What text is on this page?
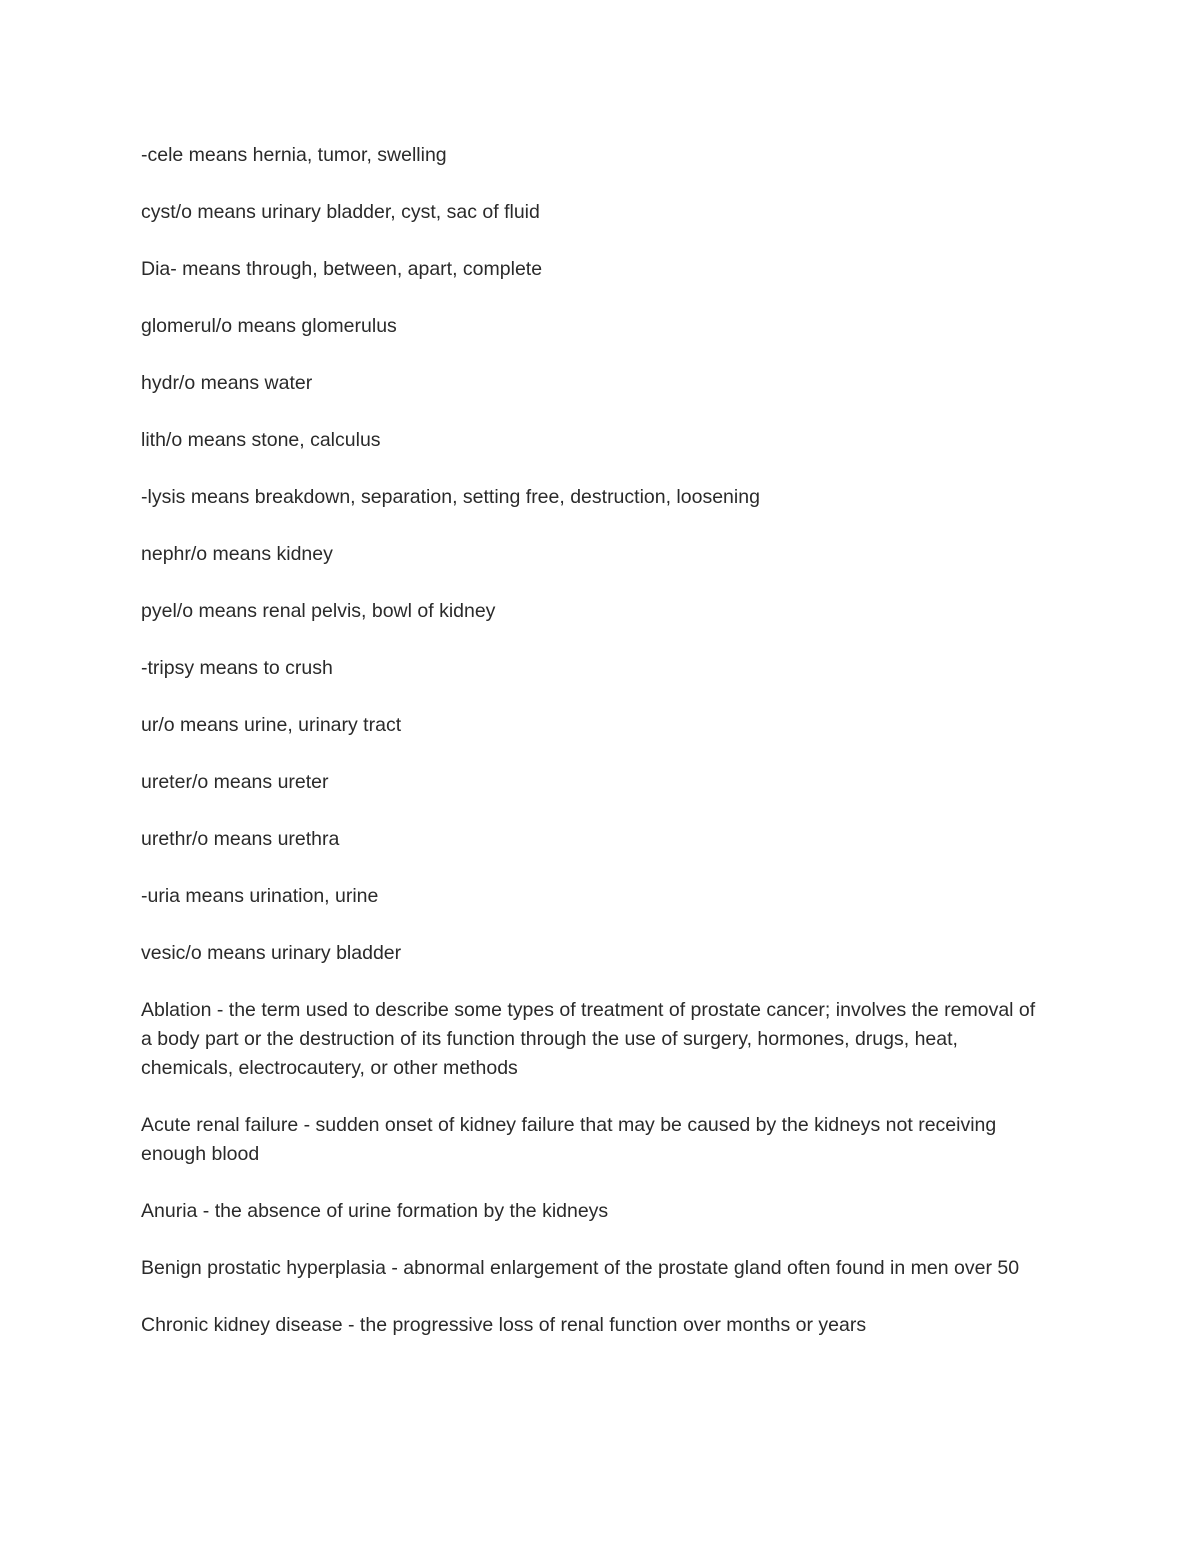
-cele means hernia, tumor, swelling

cyst/o means urinary bladder, cyst, sac of fluid

Dia- means through, between, apart, complete

glomerul/o means glomerulus

hydr/o means water

lith/o means stone, calculus

-lysis means breakdown, separation, setting free, destruction, loosening

nephr/o means kidney

pyel/o means renal pelvis, bowl of kidney

-tripsy means to crush

ur/o means urine, urinary tract

ureter/o means ureter

urethr/o means urethra

-uria means urination, urine

vesic/o means urinary bladder

Ablation - the term used to describe some types of treatment of prostate cancer; involves the removal of a body part or the destruction of its function through the use of surgery, hormones, drugs, heat, chemicals, electrocautery, or other methods

Acute renal failure - sudden onset of kidney failure that may be caused by the kidneys not receiving enough blood

Anuria - the absence of urine formation by the kidneys

Benign prostatic hyperplasia - abnormal enlargement of the prostate gland often found in men over 50

Chronic kidney disease - the progressive loss of renal function over months or years
